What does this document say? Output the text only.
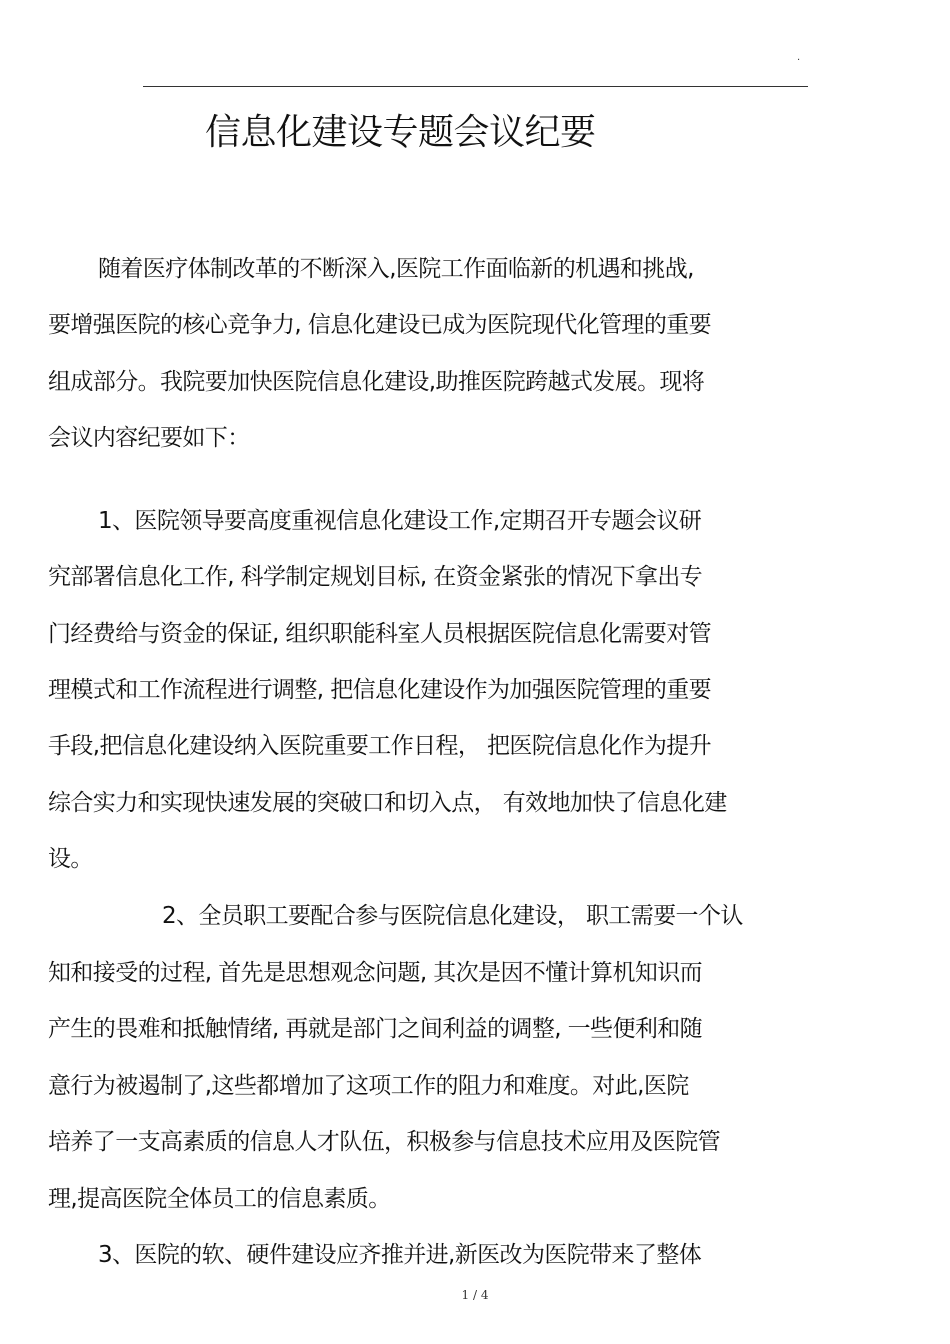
.
信息化建设专题会议纪要
随着医疗体制改革的不断深入,医院工作面临新的机遇和挑战,
要增强医院的核心竞争力, 信息化建设已成为医院现代化管理的重要
组成部分。我院要加快医院信息化建设,助推医院跨越式发展。现将
会议内容纪要如下：
1、医院领导要高度重视信息化建设工作,定期召开专题会议研
究部署信息化工作, 科学制定规划目标, 在资金紧张的情况下拿出专
门经费给与资金的保证, 组织职能科室人员根据医院信息化需要对管
理模式和工作流程进行调整, 把信息化建设作为加强医院管理的重要
手段,把信息化建设纳入医院重要工作日程， 把医院信息化作为提升
综合实力和实现快速发展的突破口和切入点， 有效地加快了信息化建
设。
2、全员职工要配合参与医院信息化建设， 职工需要一个认
知和接受的过程, 首先是思想观念问题, 其次是因不懂计算机知识而
产生的畏难和抵触情绪, 再就是部门之间利益的调整, 一些便利和随
意行为被遏制了,这些都增加了这项工作的阻力和难度。对此,医院
培养了一支高素质的信息人才队伍，积极参与信息技术应用及医院管
理,提高医院全体员工的信息素质。
3、医院的软、硬件建设应齐推并进,新医改为医院带来了整体
1 / 4
